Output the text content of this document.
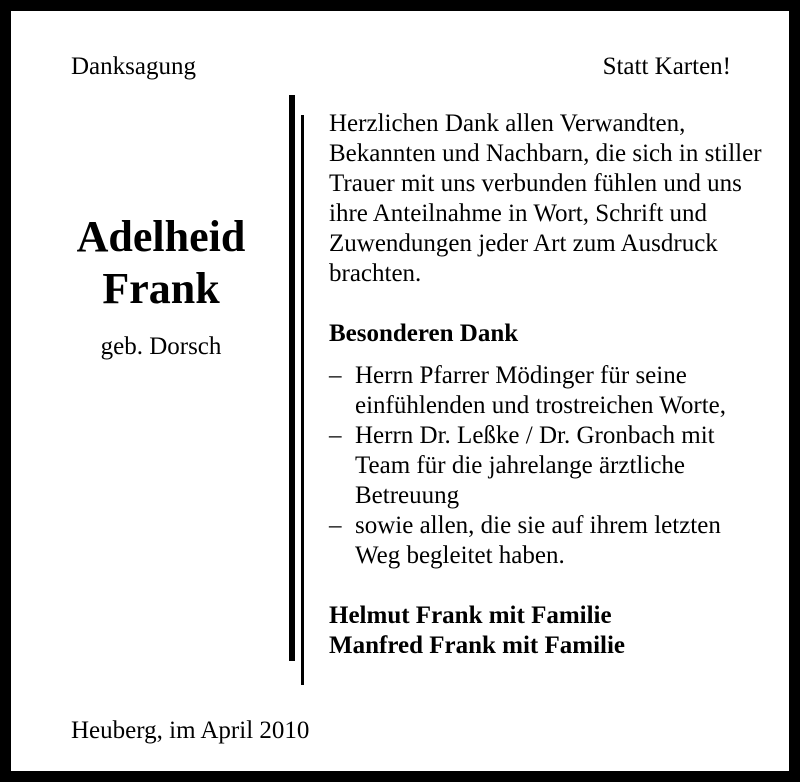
Danksagung	Statt Karten!
Adelheid
Frank
geb. Dorsch

Herzlichen Dank allen Verwandten, Bekannten und Nachbarn, die sich in stiller Trauer mit uns verbunden fühlen und uns ihre Anteilnahme in Wort, Schrift und Zuwendungen jeder Art zum Ausdruck brachten.

Besonderen Dank
– Herrn Pfarrer Mödinger für seine einfühlenden und trostreichen Worte,
– Herrn Dr. Leßke / Dr. Gronbach mit Team für die jahrelange ärztliche Betreuung
– sowie allen, die sie auf ihrem letzten Weg begleitet haben.
Helmut Frank mit Familie
Manfred Frank mit Familie
Heuberg, im April 2010
